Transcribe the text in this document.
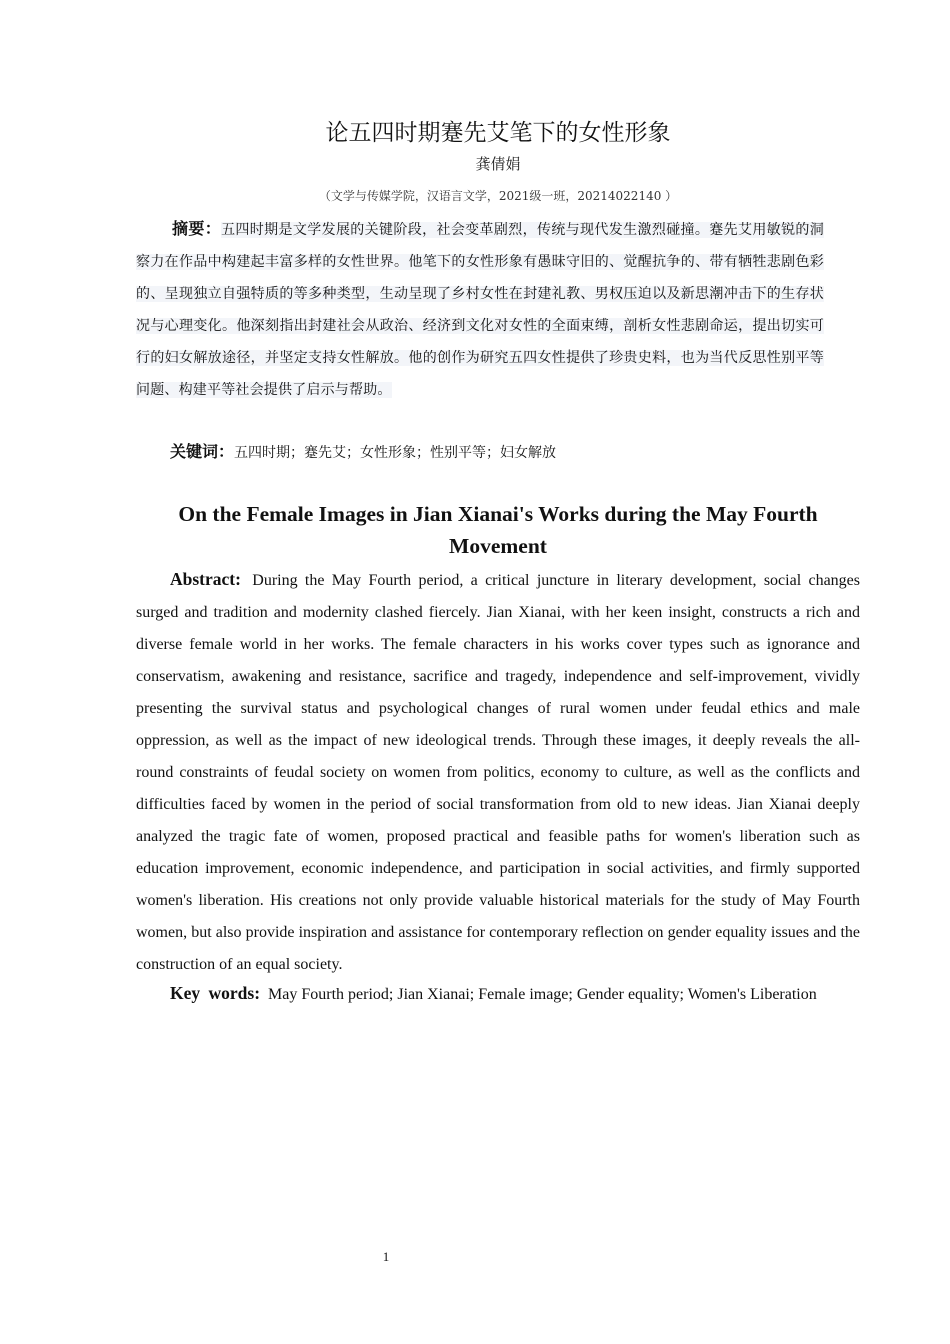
论五四时期蹇先艾笔下的女性形象
龚倩娟
（文学与传媒学院，汉语言文学，2021级一班，20214022140 ）

摘要：五四时期是文学发展的关键阶段，社会变革剧烈，传统与现代发生激烈碰撞。蹇先艾用敏锐的洞察力在作品中构建起丰富多样的女性世界。他笔下的女性形象有愚昧守旧的、觉醒抗争的、带有牺牲悲剧色彩的、呈现独立自强特质的等多种类型，生动呈现了乡村女性在封建礼教、男权压迫以及新思潮冲击下的生存状况与心理变化。他深刻指出封建社会从政治、经济到文化对女性的全面束缚，剖析女性悲剧命运，提出切实可行的妇女解放途径，并坚定支持女性解放。他的创作为研究五四女性提供了珍贵史料，也为当代反思性别平等问题、构建平等社会提供了启示与帮助。

关键词：五四时期；蹇先艾；女性形象；性别平等；妇女解放

On the Female Images in Jian Xianai's Works during the May Fourth Movement

Abstract: During the May Fourth period, a critical juncture in literary development, social changes surged and tradition and modernity clashed fiercely. Jian Xianai, with her keen insight, constructs a rich and diverse female world in her works. The female characters in his works cover types such as ignorance and conservatism, awakening and resistance, sacrifice and tragedy, independence and self-improvement, vividly presenting the survival status and psychological changes of rural women under feudal ethics and male oppression, as well as the impact of new ideological trends. Through these images, it deeply reveals the all-round constraints of feudal society on women from politics, economy to culture, as well as the conflicts and difficulties faced by women in the period of social transformation from old to new ideas. Jian Xianai deeply analyzed the tragic fate of women, proposed practical and feasible paths for women's liberation such as education improvement, economic independence, and participation in social activities, and firmly supported women's liberation. His creations not only provide valuable historical materials for the study of May Fourth women, but also provide inspiration and assistance for contemporary reflection on gender equality issues and the construction of an equal society.

Key words: May Fourth period; Jian Xianai; Female image; Gender equality; Women's Liberation

1
